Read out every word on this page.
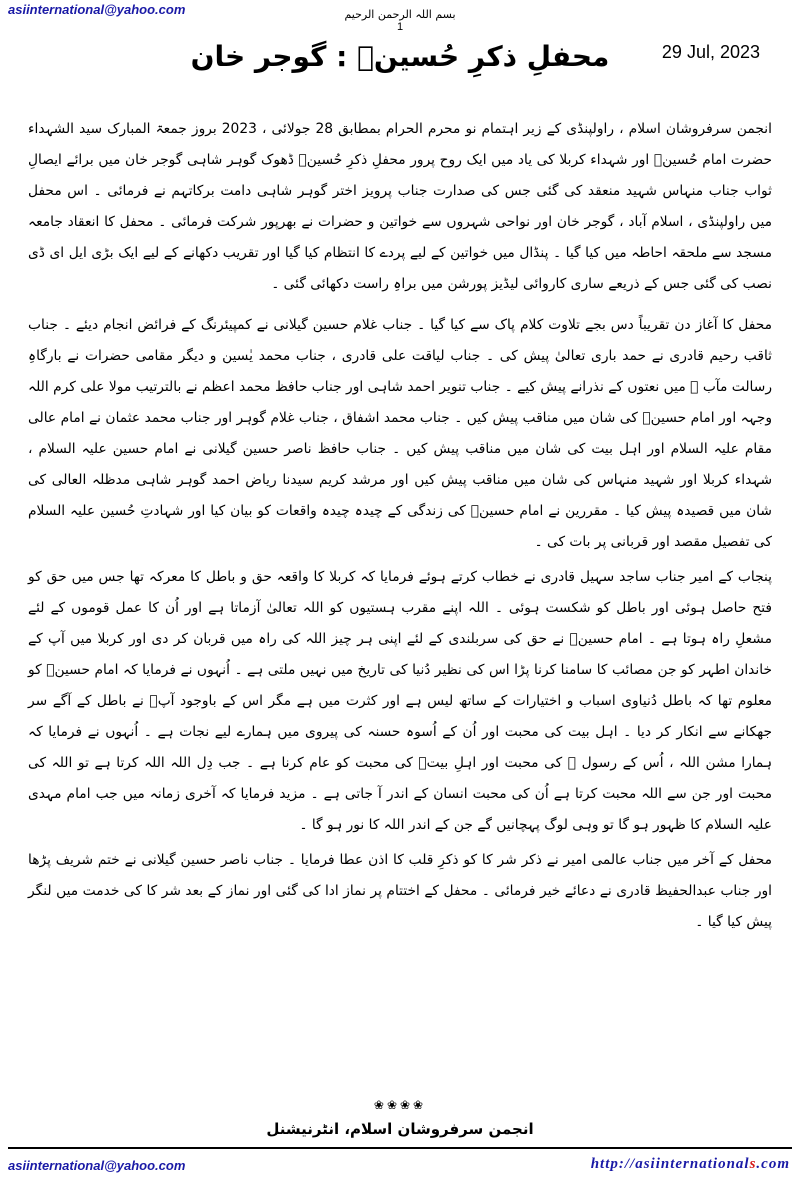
asiinternational@yahoo.com	بسم اللہ الرحمن الرحیم
1
29 Jul, 2023
محفلِ ذکرِ حُسینؑ : گوجر خان

انجمن سرفروشان اسلام ، راولپنڈی کے زیر اہتمام نو محرم الحرام بمطابق 28 جولائی ، 2023 بروز جمعۃ المبارک سید الشہداء حضرت امام حُسینؑ اور شہداء کربلا کی یاد میں ایک روح پرور محفلِ ذکرِ حُسینؑ ڈھوک گوہر شاہی گوجر خان میں برائے ایصالِ ثواب جناب منہاس شہید منعقد کی گئی جس کی صدارت جناب پرویز اختر گوہر شاہی دامت برکاتہم نے فرمائی ۔ اس محفل میں راولپنڈی ، اسلام آباد ، گوجر خان اور نواحی شہروں سے خواتین و حضرات نے بھرپور شرکت فرمائی ۔ محفل کا انعقاد جامعہ مسجد سے ملحقہ احاطہ میں کیا گیا ۔ پنڈال میں خواتین کے لیے پردے کا انتظام کیا گیا اور تقریب دکھانے کے لیے ایک بڑی ایل ای ڈی نصب کی گئی جس کے ذریعے ساری کاروائی لیڈیز پورشن میں براہِ راست دکھائی گئی ۔

محفل کا آغاز دن تقریباً دس بجے تلاوت کلام پاک سے کیا گیا ۔ جناب غلام حسین گیلانی نے کمپیئرنگ کے فرائض انجام دیئے ۔ جناب ثاقب رحیم قادری نے حمد باری تعالیٰ پیش کی ۔ جناب لیاقت علی قادری ، جناب محمد یٰسین و دیگر مقامی حضرات نے بارگاہِ رسالت مآب ﷺ میں نعتوں کے نذرانے پیش کیے ۔ جناب تنویر احمد شاہی اور جناب حافظ محمد اعظم نے بالترتیب مولا علی کرم اللہ وجہہ اور امام حسینؑ کی شان میں مناقب پیش کیں ۔ جناب محمد اشفاق ، جناب غلام گوہر اور جناب محمد عثمان نے امام عالی مقام علیہ السلام اور اہل بیت کی شان میں مناقب پیش کیں ۔ جناب حافظ ناصر حسین گیلانی نے امام حسین علیہ السلام ، شہداء کربلا اور شہید منہاس کی شان میں مناقب پیش کیں اور مرشد کریم سیدنا ریاض احمد گوہر شاہی مدظلہ العالی کی شان میں قصیدہ پیش کیا ۔ مقررین نے امام حسینؑ کی زندگی کے چیدہ چیدہ واقعات کو بیان کیا اور شہادتِ حُسین علیہ السلام کی تفصیل مقصد اور قربانی پر بات کی ۔

پنجاب کے امیر جناب ساجد سہیل قادری نے خطاب کرتے ہوئے فرمایا کہ کربلا کا واقعہ حق و باطل کا معرکہ تھا جس میں حق کو فتح حاصل ہوئی اور باطل کو شکست ہوئی ۔ اللہ اپنے مقرب ہستیوں کو اللہ تعالیٰ آزماتا ہے اور اُن کا عمل قوموں کے لئے مشعلِ راہ ہوتا ہے ۔ امام حسینؑ نے حق کی سربلندی کے لئے اپنی ہر چیز اللہ کی راہ میں قربان کر دی اور کربلا میں آپ کے خاندان اطہر کو جن مصائب کا سامنا کرنا پڑا اس کی نظیر دُنیا کی تاریخ میں نہیں ملتی ہے ۔ اُنہوں نے فرمایا کہ امام حسینؑ کو معلوم تھا کہ باطل دُنیاوی اسباب و اختیارات کے ساتھ لیس ہے اور کثرت میں ہے مگر اس کے باوجود آپؑ نے باطل کے آگے سر جھکانے سے انکار کر دیا ۔ اہل بیت کی محبت اور اُن کے اُسوہ حسنہ کی پیروی میں ہمارے لیے نجات ہے ۔ اُنہوں نے فرمایا کہ ہمارا مشن اللہ ، اُس کے رسول ﷺ کی محبت اور اہلِ بیتؑ کی محبت کو عام کرنا ہے ۔ جب دِل اللہ اللہ کرتا ہے تو اللہ کی محبت اور جن سے اللہ محبت کرتا ہے اُن کی محبت انسان کے اندر آ جاتی ہے ۔ مزید فرمایا کہ آخری زمانہ میں جب امام مہدی علیہ السلام کا ظہور ہو گا تو وہی لوگ پہچانیں گے جن کے اندر اللہ کا نور ہو گا ۔

محفل کے آخر میں جناب عالمی امیر نے ذکر شر کا کو ذکرِ قلب کا اذن عطا فرمایا ۔ جناب ناصر حسین گیلانی نے ختم شریف پڑھا اور جناب عبدالحفیظ قادری نے دعائے خیر فرمائی ۔ محفل کے اختتام پر نماز ادا کی گئی اور نماز کے بعد شر کا کی خدمت میں لنگر پیش کیا گیا ۔

❀❀❀❀
انجمن سرفروشان اسلام، انٹرنیشنل
asiinternational@yahoo.com	http://asiinternationals.com
